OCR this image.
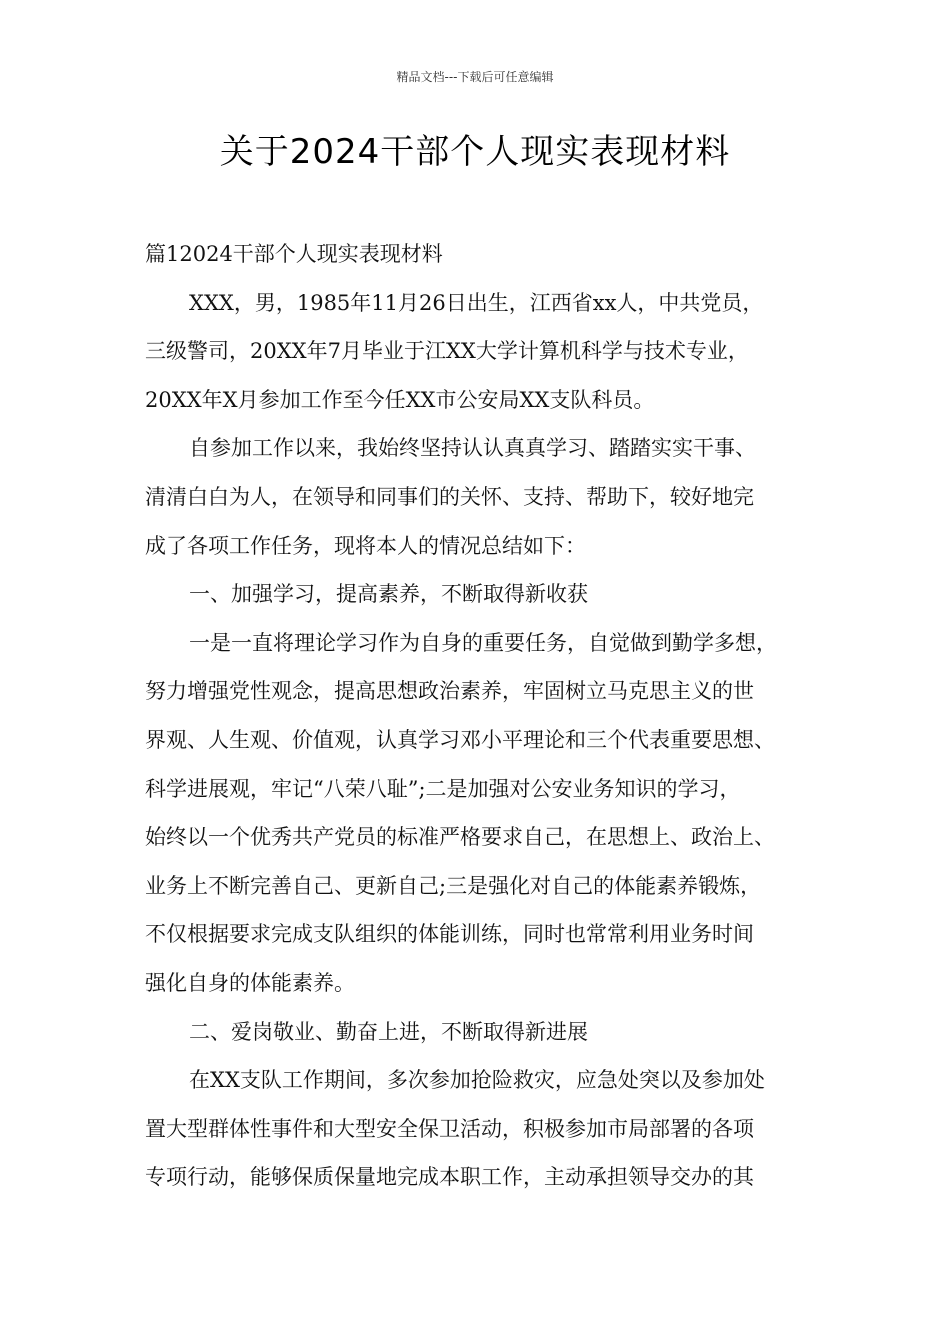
精品文档---下载后可任意编辑
关于2024干部个人现实表现材料
篇12024干部个人现实表现材料
XXX，男，1985年11月26日出生，江西省xx人，中共党员，
三级警司，20XX年7月毕业于江XX大学计算机科学与技术专业，
20XX年X月参加工作至今任XX市公安局XX支队科员。
自参加工作以来，我始终坚持认认真真学习、踏踏实实干事、
清清白白为人，在领导和同事们的关怀、支持、帮助下，较好地完
成了各项工作任务，现将本人的情况总结如下：
一、加强学习，提高素养，不断取得新收获
一是一直将理论学习作为自身的重要任务，自觉做到勤学多想，
努力增强党性观念，提高思想政治素养，牢固树立马克思主义的世
界观、人生观、价值观，认真学习邓小平理论和三个代表重要思想、
科学进展观，牢记“八荣八耻”;二是加强对公安业务知识的学习，
始终以一个优秀共产党员的标准严格要求自己，在思想上、政治上、
业务上不断完善自己、更新自己;三是强化对自己的体能素养锻炼，
不仅根据要求完成支队组织的体能训练，同时也常常利用业务时间
强化自身的体能素养。
二、爱岗敬业、勤奋上进，不断取得新进展
在XX支队工作期间，多次参加抢险救灾，应急处突以及参加处
置大型群体性事件和大型安全保卫活动，积极参加市局部署的各项
专项行动，能够保质保量地完成本职工作，主动承担领导交办的其
